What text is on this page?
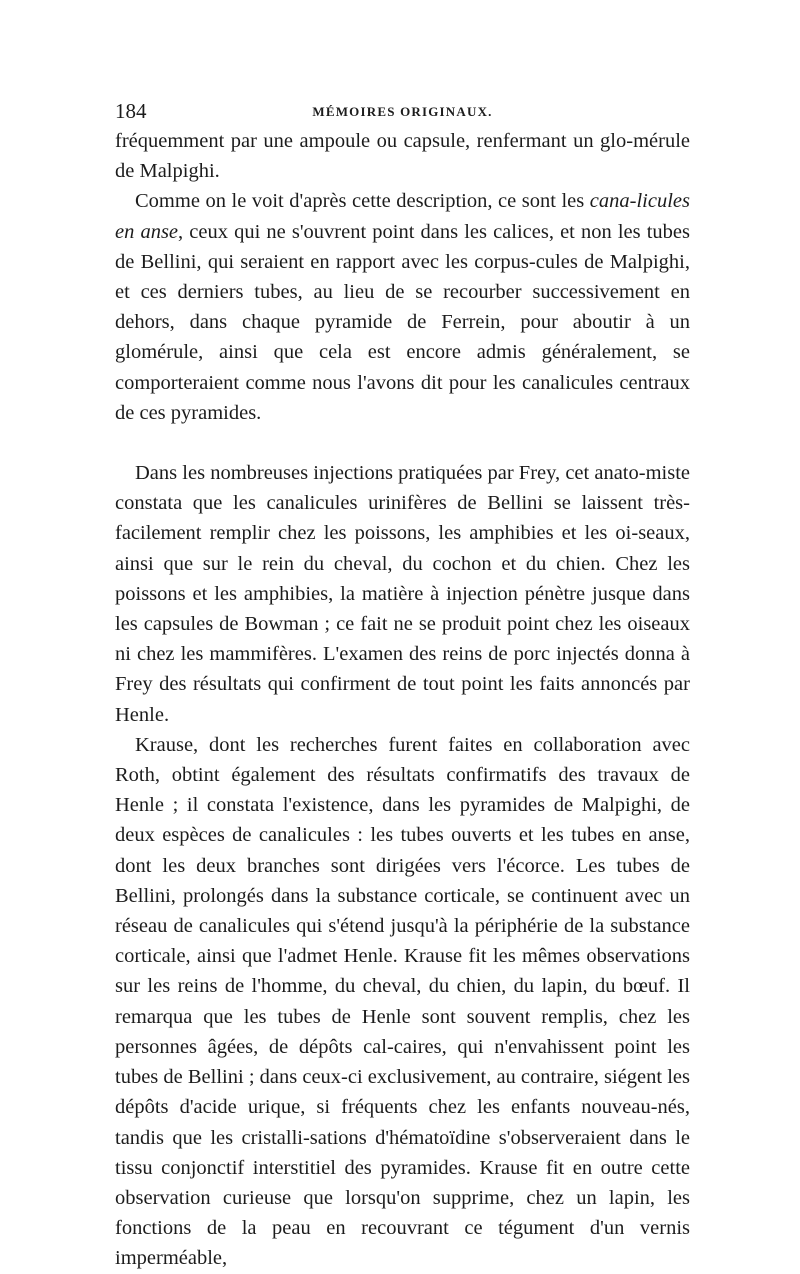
184	MÉMOIRES ORIGINAUX.

fréquemment par une ampoule ou capsule, renfermant un glo-mérule de Malpighi.

Comme on le voit d'après cette description, ce sont les cana-licules en anse, ceux qui ne s'ouvrent point dans les calices, et non les tubes de Bellini, qui seraient en rapport avec les corpus-cules de Malpighi, et ces derniers tubes, au lieu de se recourber successivement en dehors, dans chaque pyramide de Ferrein, pour aboutir à un glomérule, ainsi que cela est encore admis généralement, se comporteraient comme nous l'avons dit pour les canalicules centraux de ces pyramides.

Dans les nombreuses injections pratiquées par Frey, cet anato-miste constata que les canalicules urinifères de Bellini se laissent très-facilement remplir chez les poissons, les amphibies et les oi-seaux, ainsi que sur le rein du cheval, du cochon et du chien. Chez les poissons et les amphibies, la matière à injection pénètre jusque dans les capsules de Bowman ; ce fait ne se produit point chez les oiseaux ni chez les mammifères. L'examen des reins de porc injectés donna à Frey des résultats qui confirment de tout point les faits annoncés par Henle.

Krause, dont les recherches furent faites en collaboration avec Roth, obtint également des résultats confirmatifs des travaux de Henle ; il constata l'existence, dans les pyramides de Malpighi, de deux espèces de canalicules : les tubes ouverts et les tubes en anse, dont les deux branches sont dirigées vers l'écorce. Les tubes de Bellini, prolongés dans la substance corticale, se continuent avec un réseau de canalicules qui s'étend jusqu'à la périphérie de la substance corticale, ainsi que l'admet Henle. Krause fit les mêmes observations sur les reins de l'homme, du cheval, du chien, du lapin, du bœuf. Il remarqua que les tubes de Henle sont souvent remplis, chez les personnes âgées, de dépôts cal-caires, qui n'envahissent point les tubes de Bellini ; dans ceux-ci exclusivement, au contraire, siégent les dépôts d'acide urique, si fréquents chez les enfants nouveau-nés, tandis que les cristalli-sations d'hématoïdine s'observeraient dans le tissu conjonctif interstitiel des pyramides. Krause fit en outre cette observation curieuse que lorsqu'on supprime, chez un lapin, les fonctions de la peau en recouvrant ce tégument d'un vernis imperméable,
